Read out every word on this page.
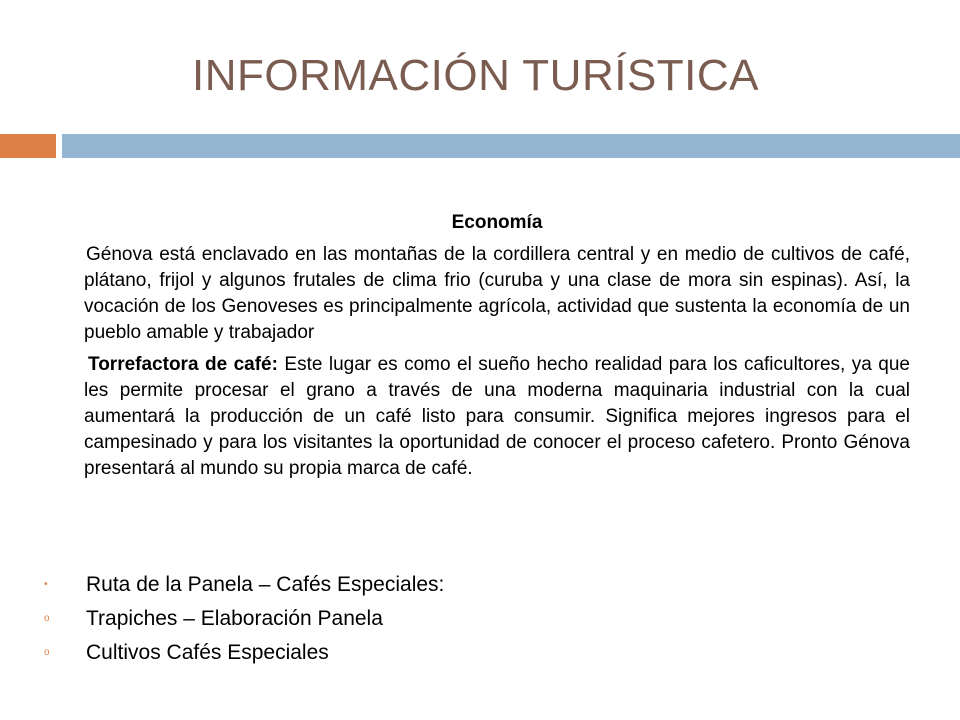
INFORMACIÓN TURÍSTICA
Economía
Génova está enclavado en las montañas de la cordillera central y en medio de cultivos de café, plátano, frijol y algunos frutales de clima frio (curuba y una clase de mora sin espinas). Así, la vocación de los Genoveses es principalmente agrícola, actividad que sustenta la economía de un pueblo amable y trabajador
Torrefactora de café: Este lugar es como el sueño hecho realidad para los caficultores, ya que les permite procesar el grano a través de una moderna maquinaria industrial con la cual aumentará la producción de un café listo para consumir. Significa mejores ingresos para el campesinado y para los visitantes la oportunidad de conocer el proceso cafetero. Pronto Génova presentará al mundo su propia marca de café.
•	Ruta de la Panela – Cafés Especiales:
o	Trapiches – Elaboración Panela
o	Cultivos Cafés Especiales
